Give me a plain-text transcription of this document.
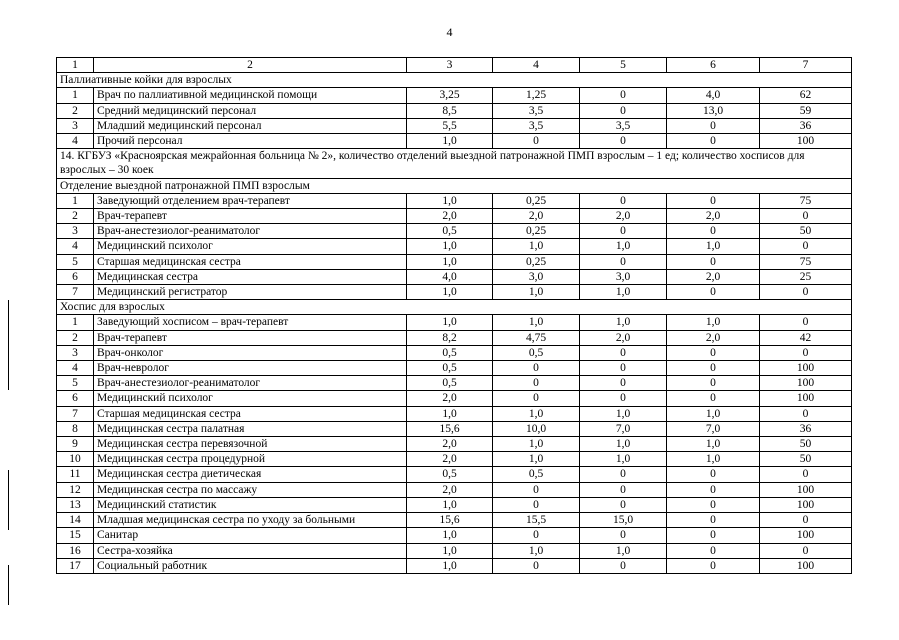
4
1	2	3	4	5	6	7
Паллиативные койки для взрослых						
1	Врач по паллиативной медицинской помощи	3,25	1,25	0	4,0	62
2	Средний медицинский персонал	8,5	3,5	0	13,0	59
3	Младший медицинский персонал	5,5	3,5	3,5	0	36
4	Прочий персонал	1,0	0	0	0	100
14. КГБУЗ «Красноярская межрайонная больница № 2», количество отделений выездной патронажной ПМП взрослым – 1 ед; количество хосписов для взрослых – 30 коек						
Отделение выездной патронажной ПМП взрослым						
1	Заведующий отделением врач-терапевт	1,0	0,25	0	0	75
2	Врач-терапевт	2,0	2,0	2,0	2,0	0
3	Врач-анестезиолог-реаниматолог	0,5	0,25	0	0	50
4	Медицинский психолог	1,0	1,0	1,0	1,0	0
5	Старшая медицинская сестра	1,0	0,25	0	0	75
6	Медицинская сестра	4,0	3,0	3,0	2,0	25
7	Медицинский регистратор	1,0	1,0	1,0	0	0
Хоспис для взрослых						
1	Заведующий хосписом – врач-терапевт	1,0	1,0	1,0	1,0	0
2	Врач-терапевт	8,2	4,75	2,0	2,0	42
3	Врач-онколог	0,5	0,5	0	0	0
4	Врач-невролог	0,5	0	0	0	100
5	Врач-анестезиолог-реаниматолог	0,5	0	0	0	100
6	Медицинский психолог	2,0	0	0	0	100
7	Старшая медицинская сестра	1,0	1,0	1,0	1,0	0
8	Медицинская сестра палатная	15,6	10,0	7,0	7,0	36
9	Медицинская сестра перевязочной	2,0	1,0	1,0	1,0	50
10	Медицинская сестра процедурной	2,0	1,0	1,0	1,0	50
11	Медицинская сестра диетическая	0,5	0,5	0	0	0
12	Медицинская сестра по массажу	2,0	0	0	0	100
13	Медицинский статистик	1,0	0	0	0	100
14	Младшая медицинская сестра по уходу за больными	15,6	15,5	15,0	0	0
15	Санитар	1,0	0	0	0	100
16	Сестра-хозяйка	1,0	1,0	1,0	0	0
17	Социальный работник	1,0	0	0	0	100
